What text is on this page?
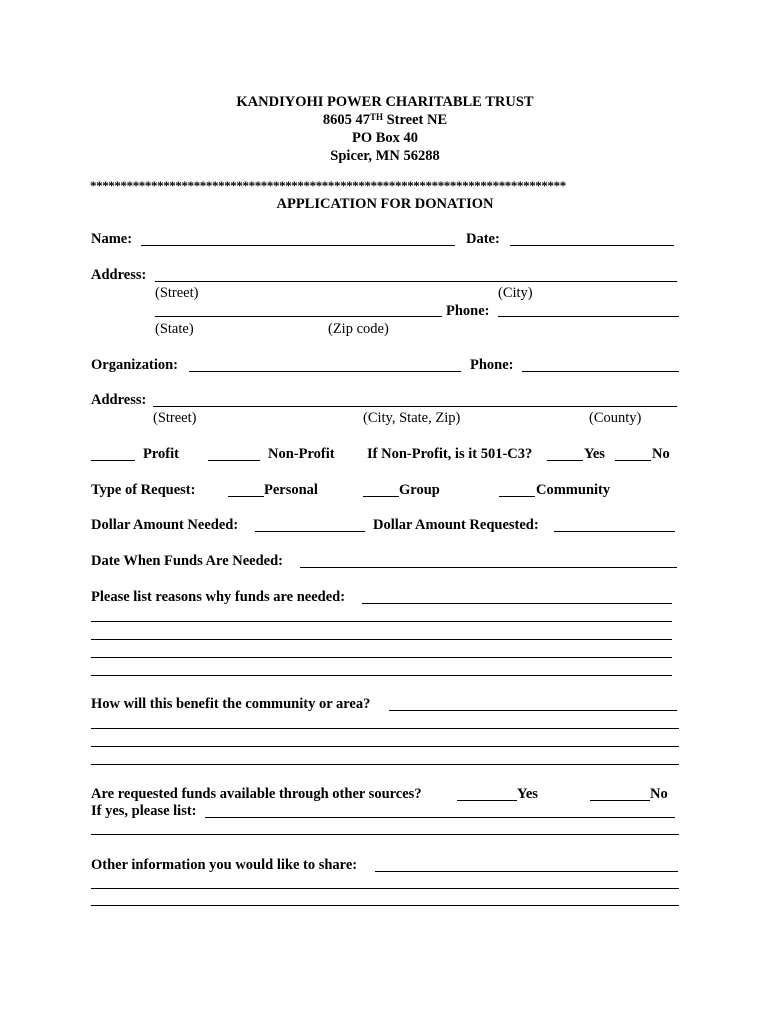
KANDIYOHI POWER CHARITABLE TRUST
8605 47TH Street NE
PO Box 40
Spicer, MN 56288
******************************************************************************
APPLICATION FOR DONATION
Name:	Date:
Address:
(Street)	(City)
Phone:
(State)	(Zip code)
Organization:	Phone:
Address:
(Street)	(City, State, Zip)	(County)
Profit	Non-Profit If Non-Profit, is it 501-C3?	Yes	No
Type of Request:	Personal	Group	Community
Dollar Amount Needed:	Dollar Amount Requested:
Date When Funds Are Needed:
Please list reasons why funds are needed:
How will this benefit the community or area?
Are requested funds available through other sources?	Yes	No
If yes, please list:
Other information you would like to share:
